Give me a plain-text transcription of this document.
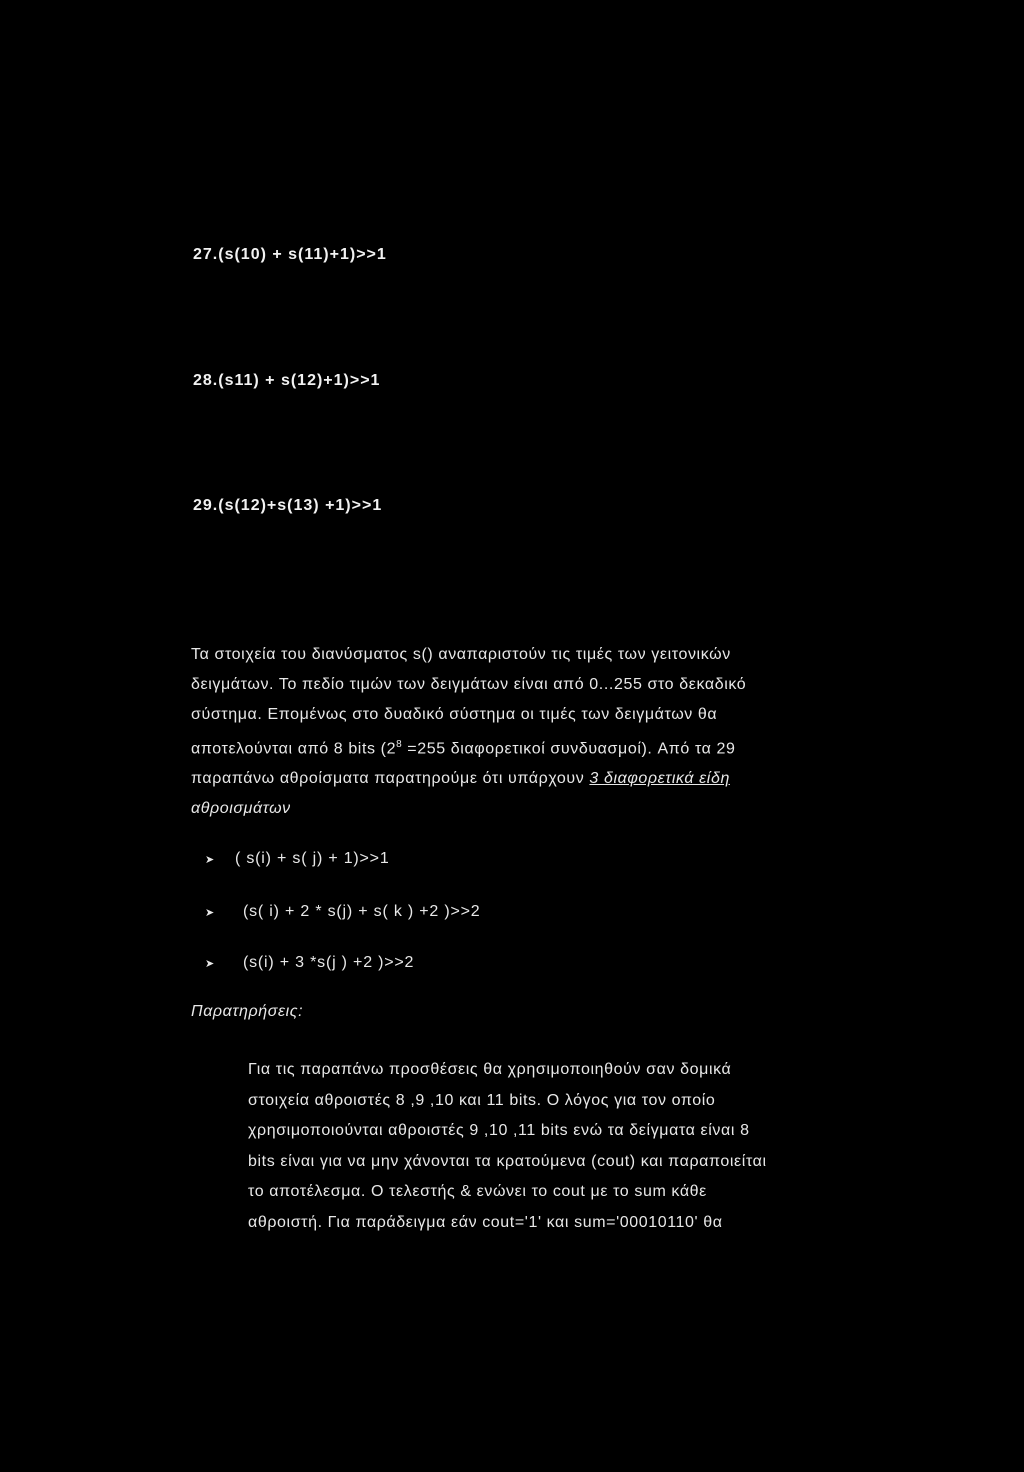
27.(s(10) + s(11)+1)>>1
28.(s11) + s(12)+1)>>1
29.(s(12)+s(13) +1)>>1
Τα στοιχεία του διανύσματος s() αναπαριστούν τις τιμές των γειτονικών
δειγμάτων. Το πεδίο τιμών των δειγμάτων είναι από 0...255 στο δεκαδικό
σύστημα. Επομένως στο δυαδικό σύστημα οι τιμές των δειγμάτων θα
αποτελούνται από 8 bits ($2^8 =255$ διαφορετικοί συνδυασμοί). Από τα 29
παραπάνω αθροίσματα παρατηρούμε ότι υπάρχουν 3 διαφορετικά είδη
αθροισμάτων
➤ ( s(i) + s( j) + 1)>>1
➤ (s( i) + 2 * s(j) + s( k ) +2 )>>2
➤ (s(i) + 3 *s(j ) +2 )>>2
Παρατηρήσεις:
Για τις παραπάνω προσθέσεις θα χρησιμοποιηθούν σαν δομικά
στοιχεία αθροιστές 8 ,9 ,10 και 11 bits. Ο λόγος για τον οποίο
χρησιμοποιούνται αθροιστές 9 ,10 ,11 bits ενώ τα δείγματα είναι 8
bits είναι για να μην χάνονται τα κρατούμενα (cout) και παραποιείται
το αποτέλεσμα. Ο τελεστής & ενώνει το cout με το sum κάθε
αθροιστή. Για παράδειγμα εάν cout='1' και sum='00010110' θα
